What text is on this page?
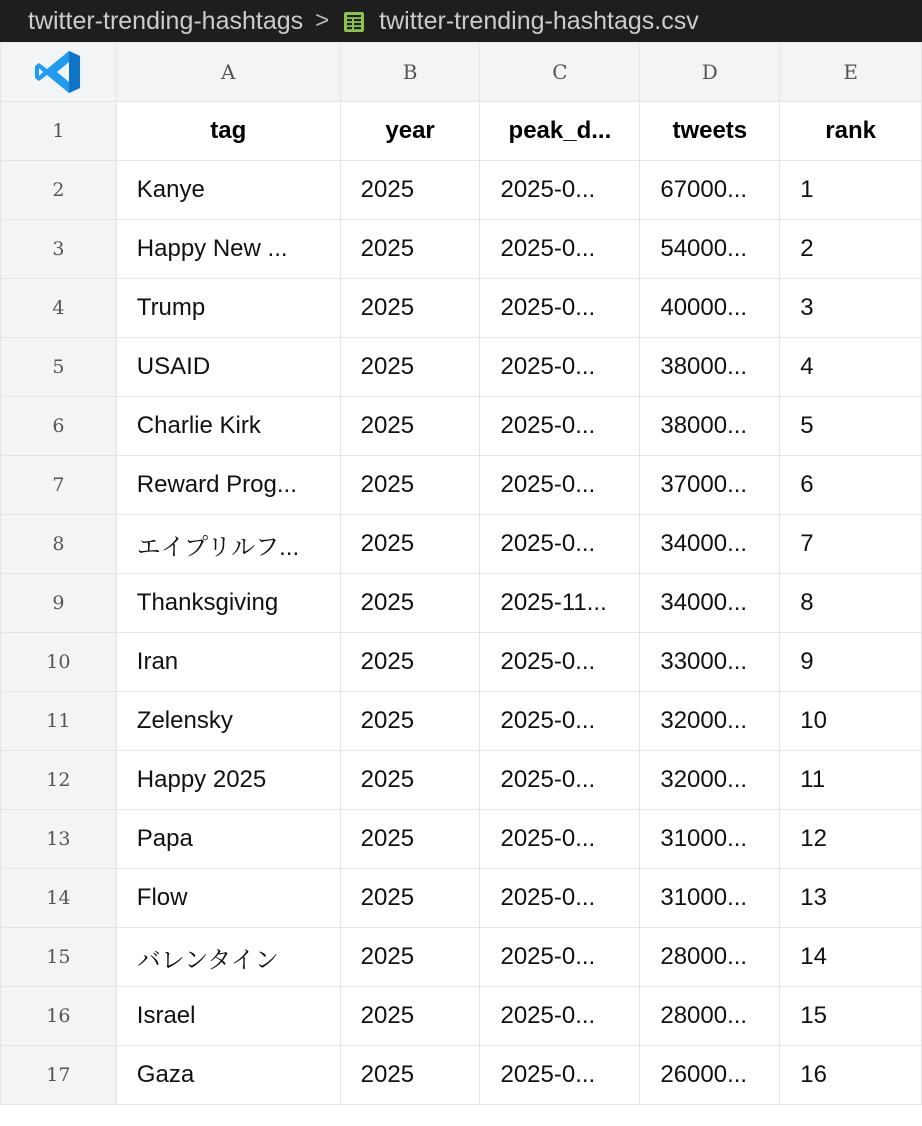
twitter-trending-hashtags > twitter-trending-hashtags.csv
	A	B	C	D	E
1	tag	year	peak_d...	tweets	rank
2	Kanye	2025	2025-0...	67000...	1
3	Happy New ...	2025	2025-0...	54000...	2
4	Trump	2025	2025-0...	40000...	3
5	USAID	2025	2025-0...	38000...	4
6	Charlie Kirk	2025	2025-0...	38000...	5
7	Reward Prog...	2025	2025-0...	37000...	6
8	エイプリルフ...	2025	2025-0...	34000...	7
9	Thanksgiving	2025	2025-11...	34000...	8
10	Iran	2025	2025-0...	33000...	9
11	Zelensky	2025	2025-0...	32000...	10
12	Happy 2025	2025	2025-0...	32000...	11
13	Papa	2025	2025-0...	31000...	12
14	Flow	2025	2025-0...	31000...	13
15	バレンタイン	2025	2025-0...	28000...	14
16	Israel	2025	2025-0...	28000...	15
17	Gaza	2025	2025-0...	26000...	16
